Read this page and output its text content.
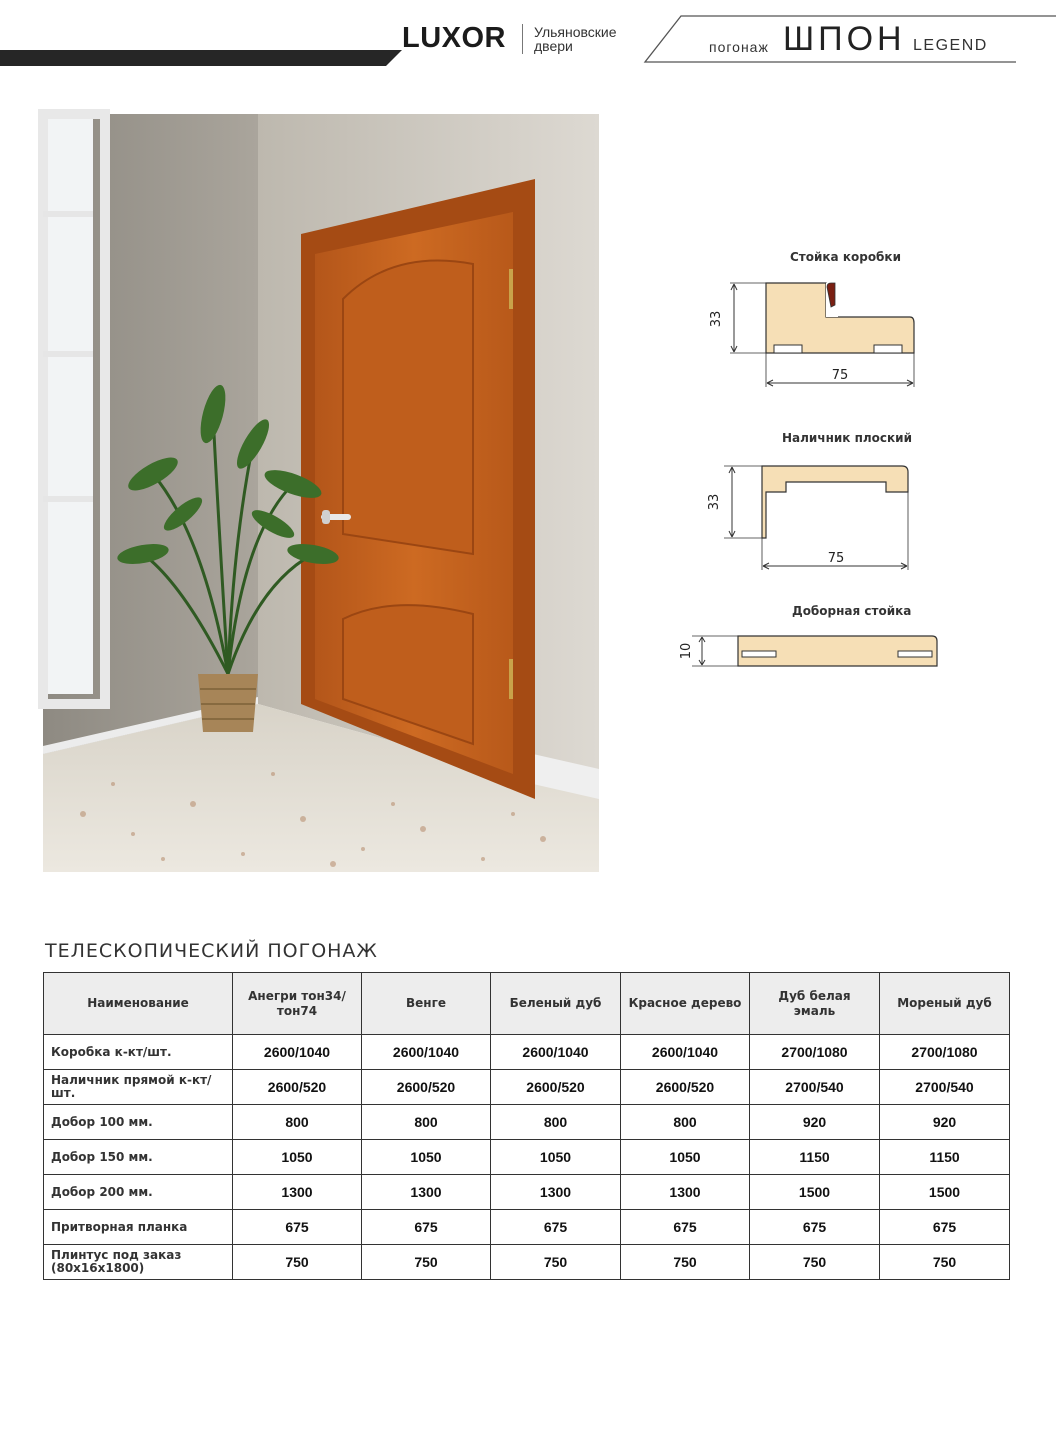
LUXOR Ульяновские двери	погонаж ШПОН LEGEND
Стойка коробки
33
75
Наличник плоский
33
75
Доборная стойка
10
ТЕЛЕСКОПИЧЕСКИЙ ПОГОНАЖ
Наименование	Анегри тон34/ тон74	Венге	Беленый дуб	Красное дерево	Дуб белая эмаль	Мореный дуб
Коробка к-кт/шт.	2600/1040	2600/1040	2600/1040	2600/1040	2700/1080	2700/1080
Наличник прямой к-кт/шт.	2600/520	2600/520	2600/520	2600/520	2700/540	2700/540
Добор 100 мм.	800	800	800	800	920	920
Добор 150 мм.	1050	1050	1050	1050	1150	1150
Добор 200 мм.	1300	1300	1300	1300	1500	1500
Притворная планка	675	675	675	675	675	675
Плинтус под заказ (80х16х1800)	750	750	750	750	750	750
